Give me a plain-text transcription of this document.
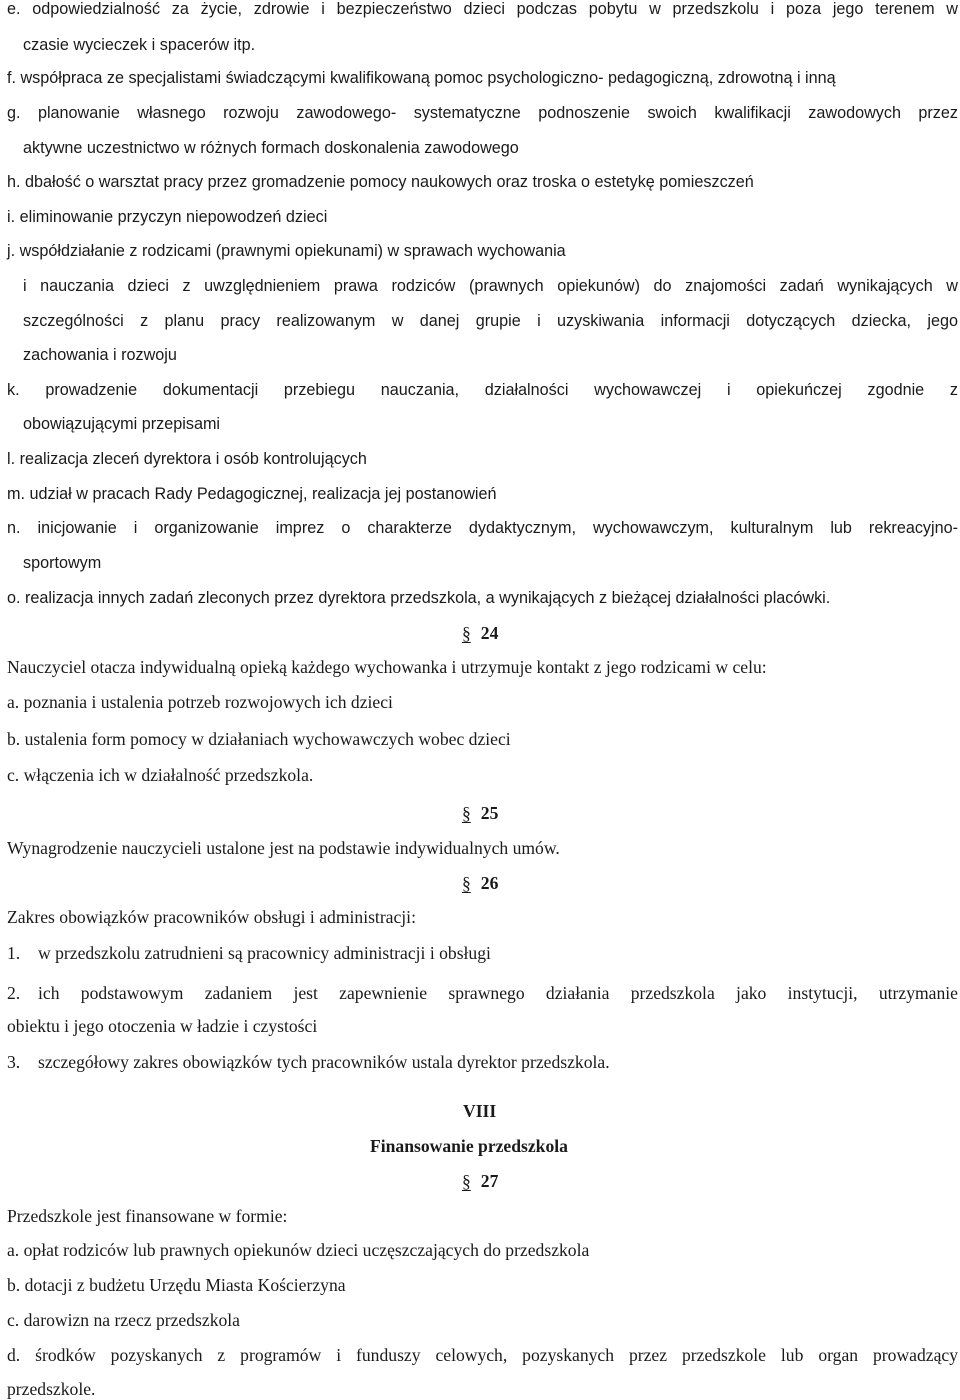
e. odpowiedzialność za życie, zdrowie i bezpieczeństwo dzieci podczas pobytu w przedszkolu i poza jego terenem w
czasie wycieczek i spacerów itp.
f. współpraca ze specjalistami świadczącymi kwalifikowaną pomoc psychologiczno- pedagogiczną, zdrowotną i inną
g. planowanie własnego rozwoju zawodowego- systematyczne podnoszenie swoich kwalifikacji zawodowych przez
aktywne uczestnictwo w różnych formach doskonalenia zawodowego
h. dbałość o warsztat pracy przez gromadzenie pomocy naukowych oraz troska o estetykę pomieszczeń
i. eliminowanie przyczyn niepowodzeń dzieci
j. współdziałanie z rodzicami (prawnymi opiekunami) w sprawach wychowania
i nauczania dzieci z uwzględnieniem prawa rodziców (prawnych opiekunów) do znajomości zadań wynikających w
szczególności z planu pracy realizowanym w danej grupie i uzyskiwania informacji dotyczących dziecka, jego
zachowania i rozwoju
k. prowadzenie dokumentacji przebiegu nauczania, działalności wychowawczej i opiekuńczej zgodnie z
obowiązującymi przepisami
l. realizacja zleceń dyrektora i osób kontrolujących
m. udział w pracach Rady Pedagogicznej, realizacja jej postanowień
n. inicjowanie i organizowanie imprez o charakterze dydaktycznym, wychowawczym, kulturalnym lub rekreacyjno-
sportowym
o. realizacja innych zadań zleconych przez dyrektora przedszkola, a wynikających z bieżącej działalności placówki.
§ 24
Nauczyciel otacza indywidualną opieką każdego wychowanka i utrzymuje kontakt z jego rodzicami w celu:
a. poznania i ustalenia potrzeb rozwojowych ich dzieci
b. ustalenia form pomocy w działaniach wychowawczych wobec dzieci
c. włączenia ich w działalność przedszkola.
§ 25
Wynagrodzenie nauczycieli ustalone jest na podstawie indywidualnych umów.
§ 26
Zakres obowiązków pracowników obsługi i administracji:
1. w przedszkolu zatrudnieni są pracownicy administracji i obsługi
2. ich podstawowym zadaniem jest zapewnienie sprawnego działania przedszkola jako instytucji, utrzymanie
obiektu i jego otoczenia w ładzie i czystości
3. szczegółowy zakres obowiązków tych pracowników ustala dyrektor przedszkola.
VIII
Finansowanie przedszkola
§ 27
Przedszkole jest finansowane w formie:
a. opłat rodziców lub prawnych opiekunów dzieci uczęszczających do przedszkola
b. dotacji z budżetu Urzędu Miasta Kościerzyna
c. darowizn na rzecz przedszkola
d. środków pozyskanych z programów i funduszy celowych, pozyskanych przez przedszkole lub organ prowadzący
przedszkole.
